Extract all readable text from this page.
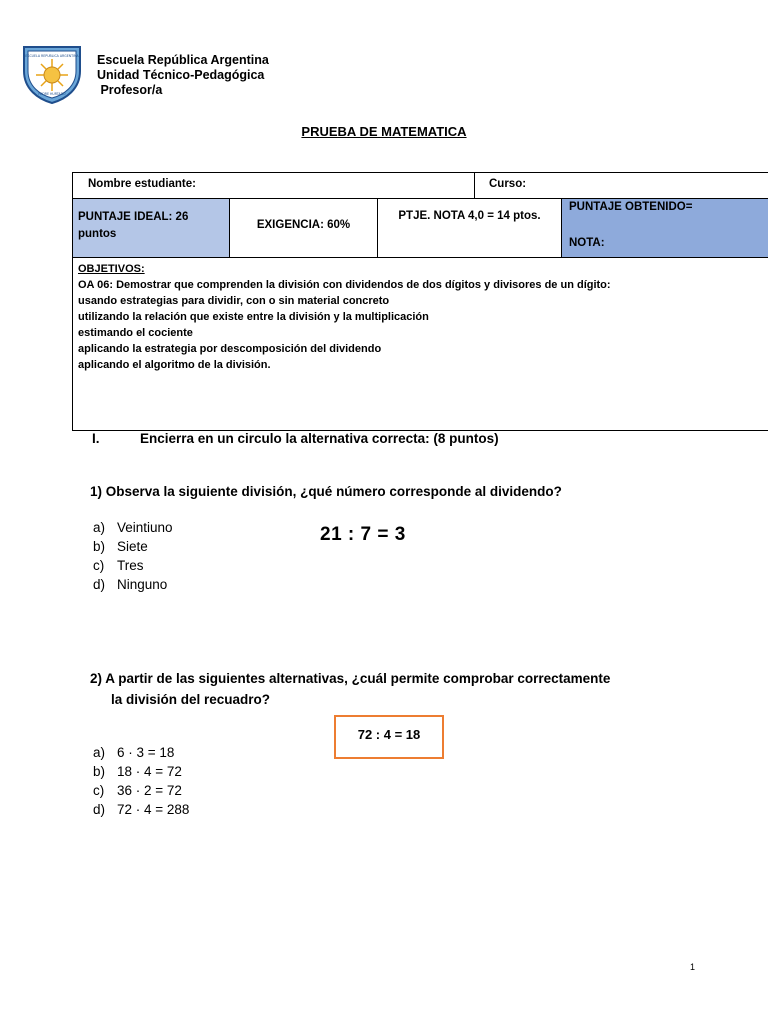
ESCUELA REPUBLICA ARGENTINA
PADRE HURTADO
Escuela República Argentina
Unidad Técnico-Pedagógica
Profesor/a
PRUEBA DE MATEMATICA
Nombre estudiante:	Curso:
PUNTAJE IDEAL: 26 puntos
EXIGENCIA: 60%
PTJE. NOTA 4,0 = 14 ptos.
PUNTAJE OBTENIDO=
NOTA:
OBJETIVOS:
OA 06: Demostrar que comprenden la división con dividendos de dos dígitos y divisores de un dígito:
usando estrategias para dividir, con o sin material concreto
utilizando la relación que existe entre la división y la multiplicación
estimando el cociente
aplicando la estrategia por descomposición del dividendo
aplicando el algoritmo de la división.
I.	Encierra en un circulo la alternativa correcta: (8 puntos)
1) Observa la siguiente división, ¿qué número corresponde al dividendo?
a) Veintiuno
b) Siete
c) Tres
d) Ninguno
21 : 7 = 3
2) A partir de las siguientes alternativas, ¿cuál permite comprobar correctamente
la división del recuadro?
72 : 4 = 18
a) 6 · 3 = 18
b) 18 · 4 = 72
c) 36 · 2 = 72
d) 72 · 4 = 288
1
